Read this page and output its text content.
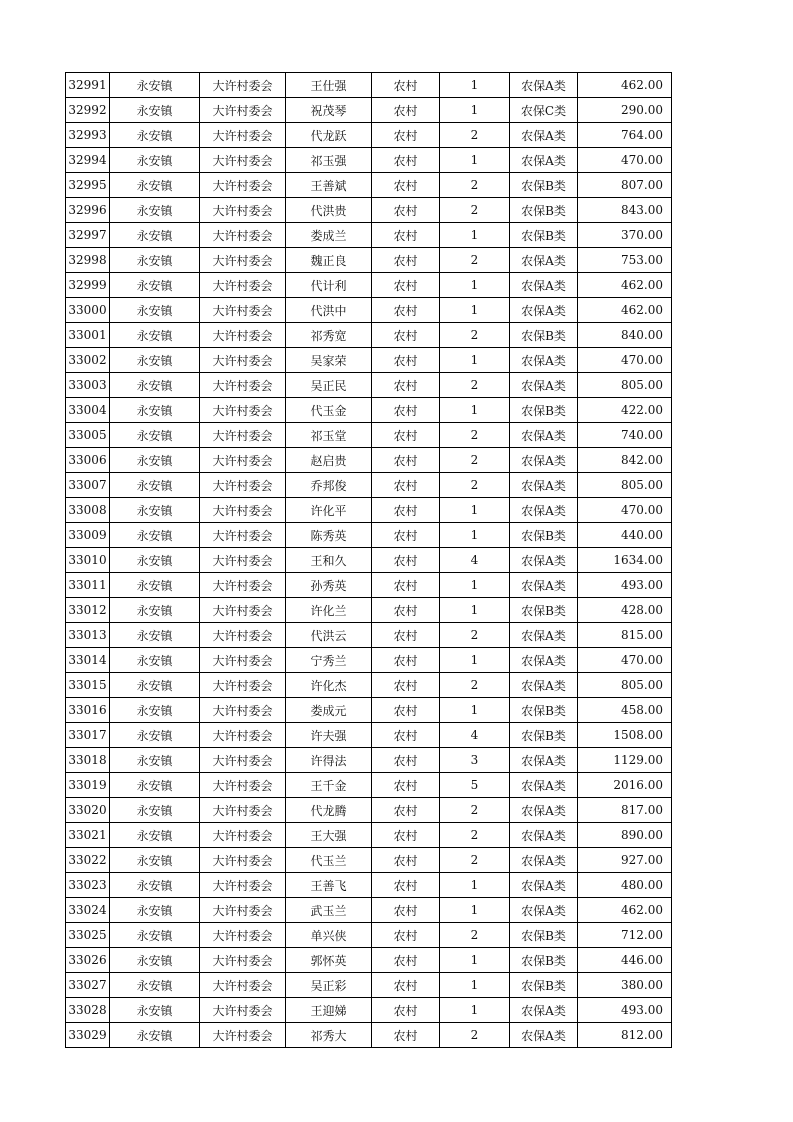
32991	永安镇	大许村委会	王仕强	农村	1	农保A类	462.00
32992	永安镇	大许村委会	祝茂琴	农村	1	农保C类	290.00
32993	永安镇	大许村委会	代龙跃	农村	2	农保A类	764.00
32994	永安镇	大许村委会	祁玉强	农村	1	农保A类	470.00
32995	永安镇	大许村委会	王善斌	农村	2	农保B类	807.00
32996	永安镇	大许村委会	代洪贵	农村	2	农保B类	843.00
32997	永安镇	大许村委会	娄成兰	农村	1	农保B类	370.00
32998	永安镇	大许村委会	魏正良	农村	2	农保A类	753.00
32999	永安镇	大许村委会	代计利	农村	1	农保A类	462.00
33000	永安镇	大许村委会	代洪中	农村	1	农保A类	462.00
33001	永安镇	大许村委会	祁秀宽	农村	2	农保B类	840.00
33002	永安镇	大许村委会	吴家荣	农村	1	农保A类	470.00
33003	永安镇	大许村委会	吴正民	农村	2	农保A类	805.00
33004	永安镇	大许村委会	代玉金	农村	1	农保B类	422.00
33005	永安镇	大许村委会	祁玉堂	农村	2	农保A类	740.00
33006	永安镇	大许村委会	赵启贵	农村	2	农保A类	842.00
33007	永安镇	大许村委会	乔邦俊	农村	2	农保A类	805.00
33008	永安镇	大许村委会	许化平	农村	1	农保A类	470.00
33009	永安镇	大许村委会	陈秀英	农村	1	农保B类	440.00
33010	永安镇	大许村委会	王和久	农村	4	农保A类	1634.00
33011	永安镇	大许村委会	孙秀英	农村	1	农保A类	493.00
33012	永安镇	大许村委会	许化兰	农村	1	农保B类	428.00
33013	永安镇	大许村委会	代洪云	农村	2	农保A类	815.00
33014	永安镇	大许村委会	宁秀兰	农村	1	农保A类	470.00
33015	永安镇	大许村委会	许化杰	农村	2	农保A类	805.00
33016	永安镇	大许村委会	娄成元	农村	1	农保B类	458.00
33017	永安镇	大许村委会	许夫强	农村	4	农保B类	1508.00
33018	永安镇	大许村委会	许得法	农村	3	农保A类	1129.00
33019	永安镇	大许村委会	王千金	农村	5	农保A类	2016.00
33020	永安镇	大许村委会	代龙腾	农村	2	农保A类	817.00
33021	永安镇	大许村委会	王大强	农村	2	农保A类	890.00
33022	永安镇	大许村委会	代玉兰	农村	2	农保A类	927.00
33023	永安镇	大许村委会	王善飞	农村	1	农保A类	480.00
33024	永安镇	大许村委会	武玉兰	农村	1	农保A类	462.00
33025	永安镇	大许村委会	单兴侠	农村	2	农保B类	712.00
33026	永安镇	大许村委会	郭怀英	农村	1	农保B类	446.00
33027	永安镇	大许村委会	吴正彩	农村	1	农保B类	380.00
33028	永安镇	大许村委会	王迎娣	农村	1	农保A类	493.00
33029	永安镇	大许村委会	祁秀大	农村	2	农保A类	812.00
